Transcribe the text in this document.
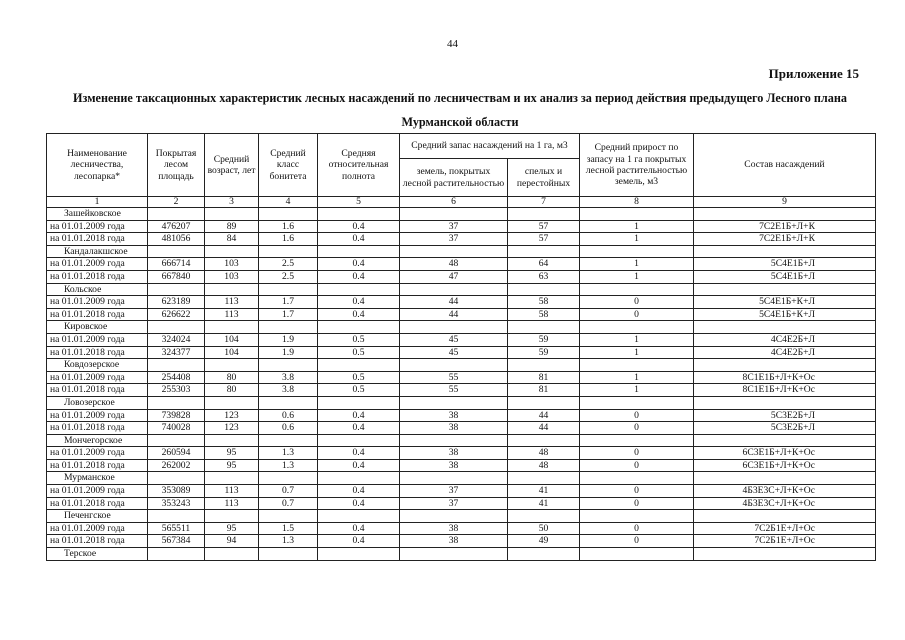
44
Приложение 15
Изменение таксационных характеристик лесных насаждений по лесничествам и их анализ за период действия предыдущего Лесного плана Мурманской области
Наименование лесничества, лесопарка*	Покрытая лесом площадь	Средний возраст, лет	Средний класс бонитета	Средняя относительная полнота	Средний запас насаждений на 1 га, м3		Средний прирост по запасу на 1 га покрытых лесной растительностью земель, м3	Состав насаждений
					земель, покрытых лесной растительностью	спелых и перестойных		
1	2	3	4	5	6	7	8	9
Зашейковское								
на 01.01.2009 года	476207	89	1.6	0.4	37	57	1	7С2Е1Б+Л+К
на 01.01.2018 года	481056	84	1.6	0.4	37	57	1	7С2Е1Б+Л+К
Кандалакшское								
на 01.01.2009 года	666714	103	2.5	0.4	48	64	1	5С4Е1Б+Л
на 01.01.2018 года	667840	103	2.5	0.4	47	63	1	5С4Е1Б+Л
Кольское								
на 01.01.2009 года	623189	113	1.7	0.4	44	58	0	5С4Е1Б+К+Л
на 01.01.2018 года	626622	113	1.7	0.4	44	58	0	5С4Е1Б+К+Л
Кировское								
на 01.01.2009 года	324024	104	1.9	0.5	45	59	1	4С4Е2Б+Л
на 01.01.2018 года	324377	104	1.9	0.5	45	59	1	4С4Е2Б+Л
Ковдозерское								
на 01.01.2009 года	254408	80	3.8	0.5	55	81	1	8С1Е1Б+Л+К+Ос
на 01.01.2018 года	255303	80	3.8	0.5	55	81	1	8С1Е1Б+Л+К+Ос
Ловозерское								
на 01.01.2009 года	739828	123	0.6	0.4	38	44	0	5С3Е2Б+Л
на 01.01.2018 года	740028	123	0.6	0.4	38	44	0	5С3Е2Б+Л
Мончегорское								
на 01.01.2009 года	260594	95	1.3	0.4	38	48	0	6С3Е1Б+Л+К+Ос
на 01.01.2018 года	262002	95	1.3	0.4	38	48	0	6С3Е1Б+Л+К+Ос
Мурманское								
на 01.01.2009 года	353089	113	0.7	0.4	37	41	0	4Б3Е3С+Л+К+Ос
на 01.01.2018 года	353243	113	0.7	0.4	37	41	0	4Б3Е3С+Л+К+Ос
Печенгское								
на 01.01.2009 года	565511	95	1.5	0.4	38	50	0	7С2Б1Е+Л+Ос
на 01.01.2018 года	567384	94	1.3	0.4	38	49	0	7С2Б1Е+Л+Ос
Терское								
